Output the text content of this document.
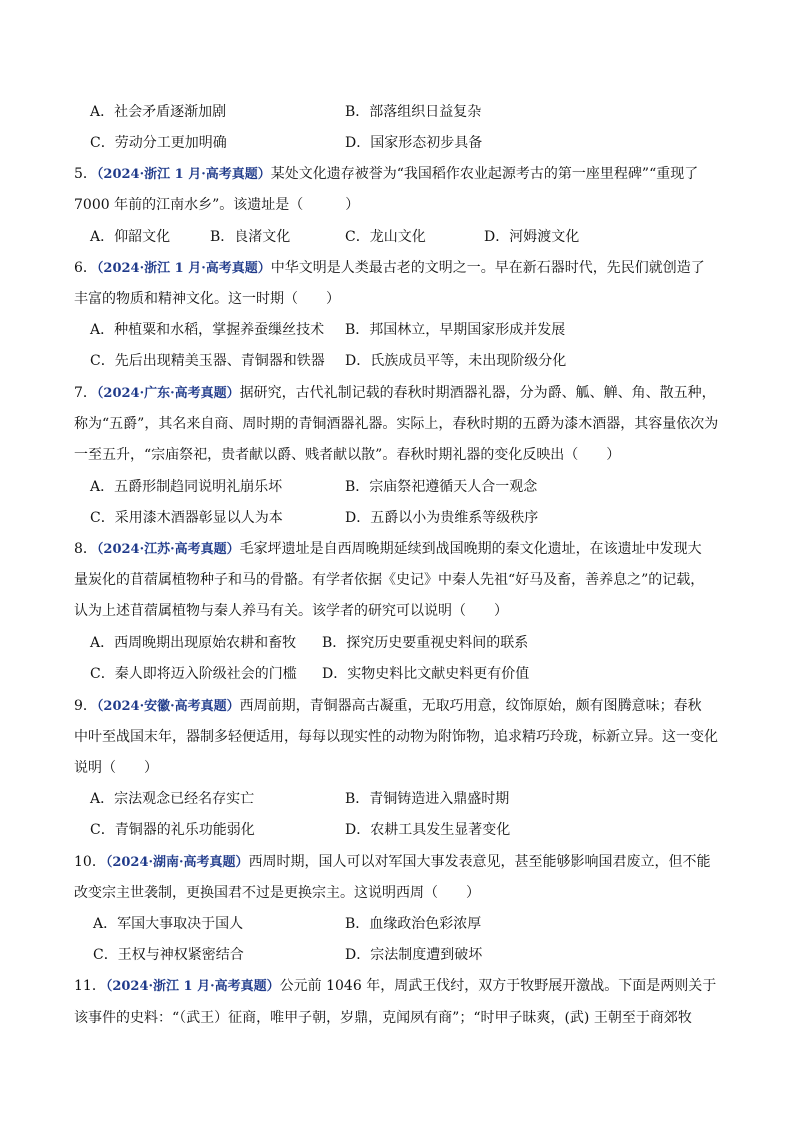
A．社会矛盾逐渐加剧	B．部落组织日益复杂
C．劳动分工更加明确	D．国家形态初步具备
5．（2024·浙江 1 月·高考真题）某处文化遗存被誉为“我国稻作农业起源考古的第一座里程碑”“重现了
7000 年前的江南水乡”。该遗址是（　　　）
A．仰韶文化	B．良渚文化	C．龙山文化	D．河姆渡文化
6．（2024·浙江 1 月·高考真题）中华文明是人类最古老的文明之一。早在新石器时代，先民们就创造了
丰富的物质和精神文化。这一时期（　　）
A．种植粟和水稻，掌握养蚕缫丝技术 B．邦国林立，早期国家形成并发展
C．先后出现精美玉器、青铜器和铁器 D．氏族成员平等，未出现阶级分化
7．（2024·广东·高考真题）据研究，古代礼制记载的春秋时期酒器礼器，分为爵、觚、觯、角、散五种，
称为“五爵”，其名来自商、周时期的青铜酒器礼器。实际上，春秋时期的五爵为漆木酒器，其容量依次为
一至五升，“宗庙祭祀，贵者献以爵、贱者献以散”。春秋时期礼器的变化反映出（　　）
A．五爵形制趋同说明礼崩乐坏	B．宗庙祭祀遵循天人合一观念
C．采用漆木酒器彰显以人为本	D．五爵以小为贵维系等级秩序
8．（2024·江苏·高考真题）毛家坪遗址是自西周晚期延续到战国晚期的秦文化遗址，在该遗址中发现大
量炭化的苜蓿属植物种子和马的骨骼。有学者依据《史记》中秦人先祖“好马及畜，善养息之”的记载，
认为上述苜蓿属植物与秦人养马有关。该学者的研究可以说明（　　）
A．西周晚期出现原始农耕和畜牧 B．探究历史要重视史料间的联系
C．秦人即将迈入阶级社会的门槛 D．实物史料比文献史料更有价值
9．（2024·安徽·高考真题）西周前期，青铜器高古凝重，无取巧用意，纹饰原始，颇有图腾意味；春秋
中叶至战国末年，器制多轻便适用，每每以现实性的动物为附饰物，追求精巧玲珑，标新立异。这一变化
说明（　　）
A．宗法观念已经名存实亡	B．青铜铸造进入鼎盛时期
C．青铜器的礼乐功能弱化	D．农耕工具发生显著变化
10．（2024·湖南·高考真题）西周时期，国人可以对军国大事发表意见，甚至能够影响国君废立，但不能
改变宗主世袭制，更换国君不过是更换宗主。这说明西周（　　）
A．军国大事取决于国人	B．血缘政治色彩浓厚
C．王权与神权紧密结合	D．宗法制度遭到破坏
11．（2024·浙江 1 月·高考真题）公元前 1046 年，周武王伐纣，双方于牧野展开激战。下面是两则关于
该事件的史料：“（武王）征商，唯甲子朝，岁鼎，克闻夙有商”；“时甲子昧爽，(武) 王朝至于商郊牧
